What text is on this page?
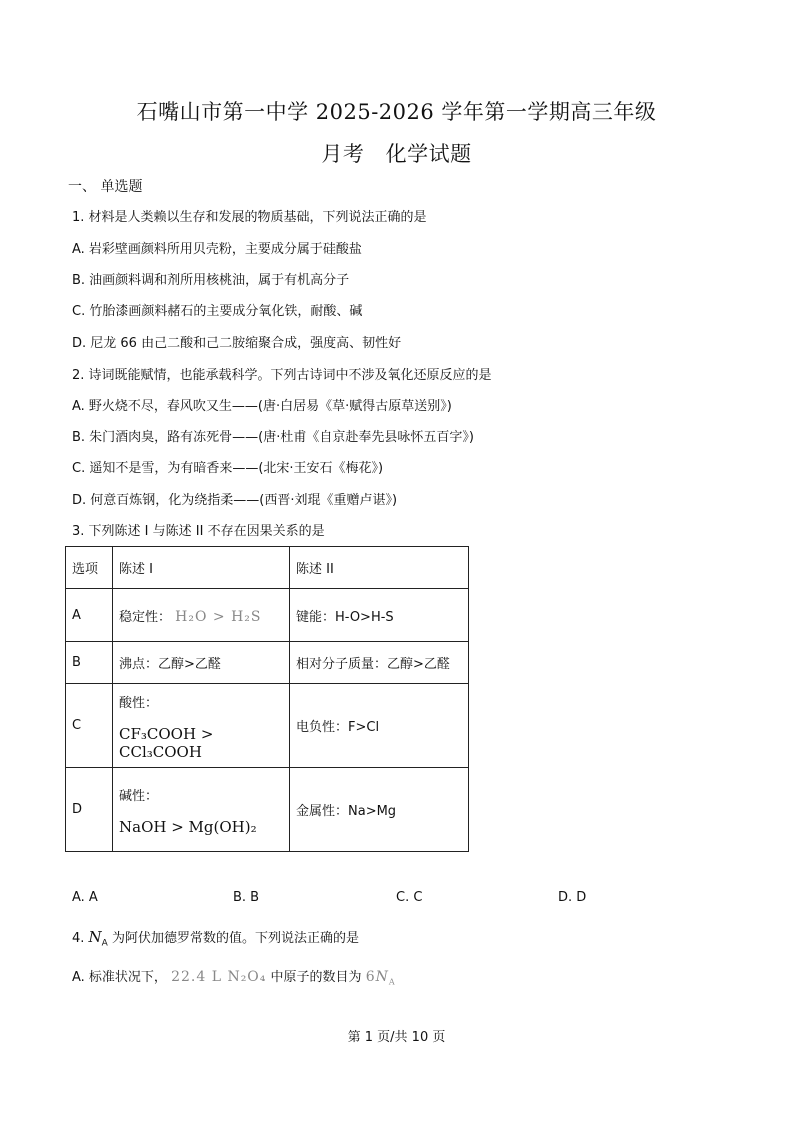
石嘴山市第一中学 2025-2026 学年第一学期高三年级
月考 化学试题
一、 单选题
1. 材料是人类赖以生存和发展的物质基础，下列说法正确的是
A. 岩彩壁画颜料所用贝壳粉，主要成分属于硅酸盐
B. 油画颜料调和剂所用核桃油，属于有机高分子
C. 竹胎漆画颜料赭石的主要成分氧化铁，耐酸、碱
D. 尼龙 66 由己二酸和己二胺缩聚合成，强度高、韧性好
2. 诗词既能赋情，也能承载科学。下列古诗词中不涉及氧化还原反应的是
A. 野火烧不尽，春风吹又生——(唐·白居易《草·赋得古原草送别》)
B. 朱门酒肉臭，路有冻死骨——(唐·杜甫《自京赴奉先县咏怀五百字》)
C. 遥知不是雪，为有暗香来——(北宋·王安石《梅花》)
D. 何意百炼钢，化为绕指柔——(西晋·刘琨《重赠卢谌》)
3. 下列陈述 I 与陈述 II 不存在因果关系的是
选项	陈述 I	陈述 II
A	稳定性： H₂O > H₂S	键能：H-O>H-S
B	沸点：乙醇>乙醛	相对分子质量：乙醇>乙醛
C	酸性：
CF₃COOH > CCl₃COOH	电负性：F>Cl
D	碱性：
NaOH > Mg(OH)₂	金属性：Na>Mg
A. A	B. B	C. C	D. D
4. $N_A$ 为阿伏加德罗常数的值。下列说法正确的是
A. 标准状况下， 22.4 L N₂O₄ 中原子的数目为 $6N_A$
第 1 页/共 10 页
